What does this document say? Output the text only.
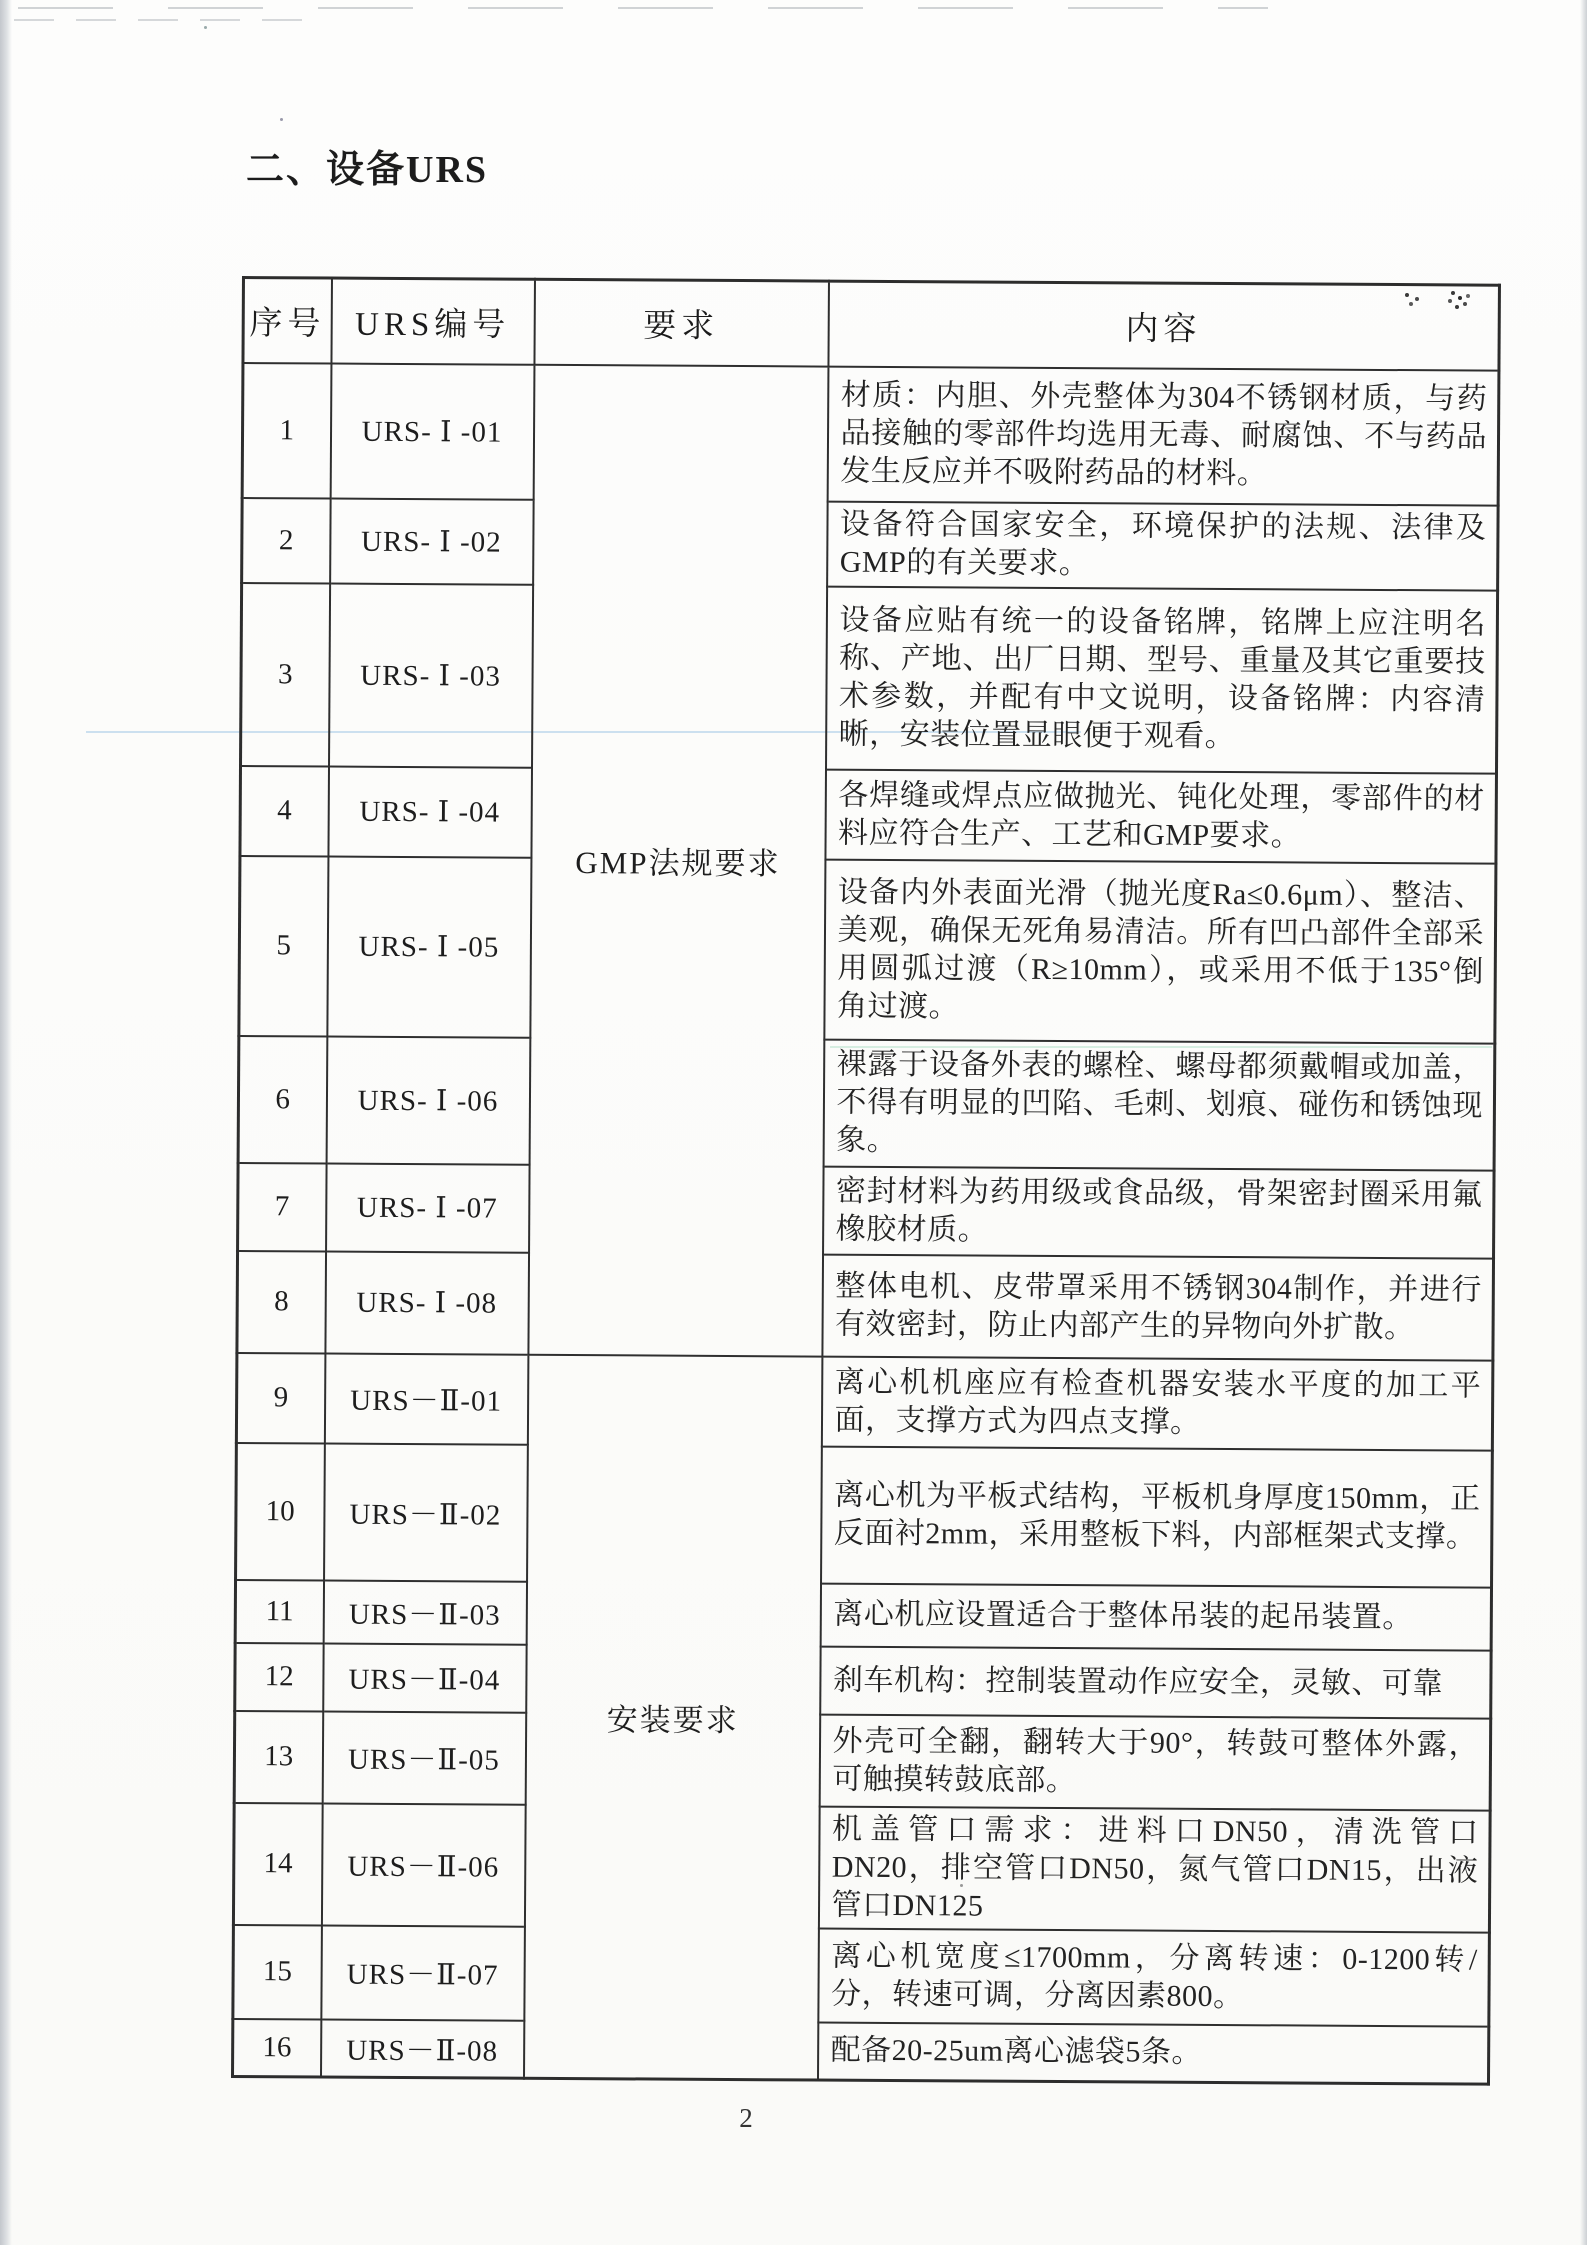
二、设备URS
序号	URS编号	要求	内容
1	URS- Ⅰ -01	GMP法规要求	材质：内胆、外壳整体为304不锈钢材质，与药品接触的零部件均选用无毒、耐腐蚀、不与药品发生反应并不吸附药品的材料。
2	URS- Ⅰ -02		设备符合国家安全，环境保护的法规、法律及GMP的有关要求。
3	URS- Ⅰ -03		设备应贴有统一的设备铭牌，铭牌上应注明名称、产地、出厂日期、型号、重量及其它重要技术参数，并配有中文说明，设备铭牌：内容清晰，安装位置显眼便于观看。
4	URS- Ⅰ -04		各焊缝或焊点应做抛光、钝化处理，零部件的材料应符合生产、工艺和GMP要求。
5	URS- Ⅰ -05		设备内外表面光滑（抛光度Ra≤0.6μm）、整洁、美观，确保无死角易清洁。所有凹凸部件全部采用圆弧过渡（R≥10mm），或采用不低于135°倒角过渡。
6	URS- Ⅰ -06		裸露于设备外表的螺栓、螺母都须戴帽或加盖，不得有明显的凹陷、毛刺、划痕、碰伤和锈蚀现象。
7	URS- Ⅰ -07		密封材料为药用级或食品级，骨架密封圈采用氟橡胶材质。
8	URS- Ⅰ -08		整体电机、皮带罩采用不锈钢304制作，并进行有效密封，防止内部产生的异物向外扩散。
9	URS－Ⅱ-01	安装要求	离心机机座应有检查机器安装水平度的加工平面，支撑方式为四点支撑。
10	URS－Ⅱ-02		离心机为平板式结构，平板机身厚度150mm，正反面衬2mm，采用整板下料，内部框架式支撑。
11	URS－Ⅱ-03		离心机应设置适合于整体吊装的起吊装置。
12	URS－Ⅱ-04		刹车机构：控制装置动作应安全，灵敏、可靠
13	URS－Ⅱ-05		外壳可全翻，翻转大于90°，转鼓可整体外露，可触摸转鼓底部。
14	URS－Ⅱ-06		机盖管口需求：进料口DN50，清洗管口 DN20，排空管口DN50，氮气管口DN15，出液管口DN125
15	URS－Ⅱ-07		离心机宽度≤1700mm，分离转速：0-1200转/分，转速可调，分离因素800。
16	URS－Ⅱ-08		配备20-25um离心滤袋5条。
2
